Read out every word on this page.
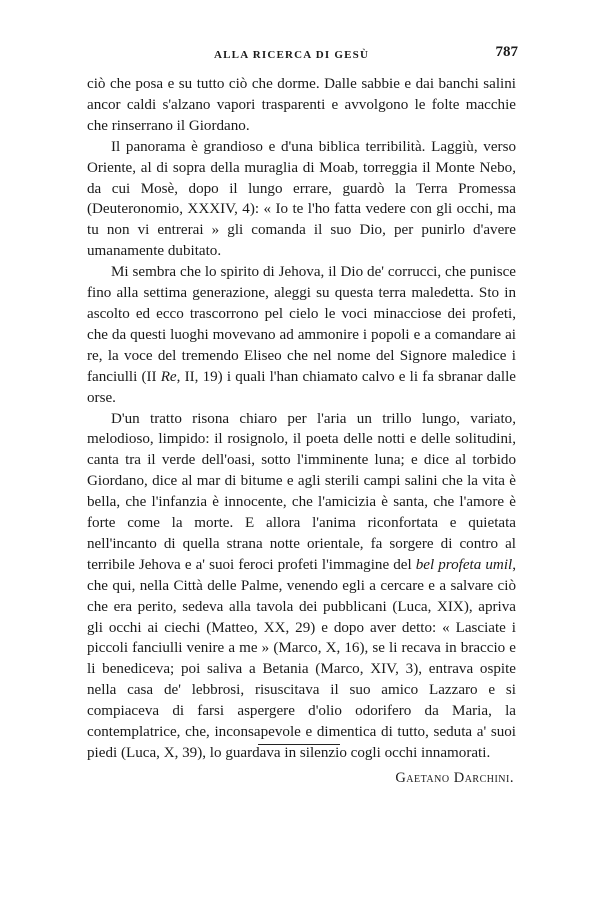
ALLA RICERCA DI GESÙ	787

ciò che posa e su tutto ciò che dorme. Dalle sabbie e dai banchi salini ancor caldi s'alzano vapori trasparenti e avvolgono le folte macchie che rinserrano il Giordano.

Il panorama è grandioso e d'una biblica terribilità. Laggiù, verso Oriente, al di sopra della muraglia di Moab, torreggia il Monte Nebo, da cui Mosè, dopo il lungo errare, guardò la Terra Promessa (Deuteronomio, XXXIV, 4): « Io te l'ho fatta vedere con gli occhi, ma tu non vi entrerai » gli comanda il suo Dio, per punirlo d'avere umanamente dubitato.

Mi sembra che lo spirito di Jehova, il Dio de' corrucci, che punisce fino alla settima generazione, aleggi su questa terra maledetta. Sto in ascolto ed ecco trascorrono pel cielo le voci minacciose dei profeti, che da questi luoghi movevano ad ammonire i popoli e a comandare ai re, la voce del tremendo Eliseo che nel nome del Signore maledice i fanciulli (II Re, II, 19) i quali l'han chiamato calvo e li fa sbranar dalle orse.

D'un tratto risona chiaro per l'aria un trillo lungo, variato, melodioso, limpido: il rosignolo, il poeta delle notti e delle solitudini, canta tra il verde dell'oasi, sotto l'imminente luna; e dice al torbido Giordano, dice al mar di bitume e agli sterili campi salini che la vita è bella, che l'infanzia è innocente, che l'amicizia è santa, che l'amore è forte come la morte. E allora l'anima riconfortata e quietata nell'incanto di quella strana notte orientale, fa sorgere di contro al terribile Jehova e a' suoi feroci profeti l'immagine del bel profeta umil, che qui, nella Città delle Palme, venendo egli a cercare e a salvare ciò che era perito, sedeva alla tavola dei pubblicani (Luca, XIX), apriva gli occhi ai ciechi (Matteo, XX, 29) e dopo aver detto: « Lasciate i piccoli fanciulli venire a me » (Marco, X, 16), se li recava in braccio e li benediceva; poi saliva a Betania (Marco, XIV, 3), entrava ospite nella casa de' lebbrosi, risuscitava il suo amico Lazzaro e si compiaceva di farsi aspergere d'olio odorifero da Maria, la contemplatrice, che, inconsapevole e dimentica di tutto, seduta a' suoi piedi (Luca, X, 39), lo guardava in silenzio cogli occhi innamorati.

Gaetano Darchini.
